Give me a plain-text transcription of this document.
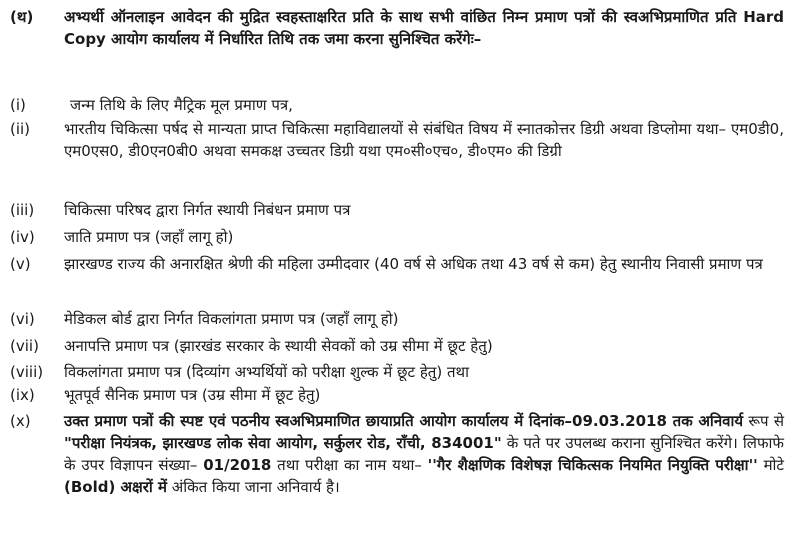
(थ) अभ्यर्थी ऑनलाइन आवेदन की मुद्रित स्वहस्ताक्षरित प्रति के साथ सभी वांछित निम्न प्रमाण पत्रों की स्वअभिप्रमाणित प्रति Hard Copy आयोग कार्यालय में निर्धारित तिथि तक जमा करना सुनिश्चित करेंगेः–
(i)	जन्म तिथि के लिए मैट्रिक मूल प्रमाण पत्र,
(ii) भारतीय चिकित्सा पर्षद से मान्यता प्राप्त चिकित्सा महाविद्यालयों से संबंधित विषय में स्नातकोत्तर डिग्री अथवा डिप्लोमा यथा– एम0डी0, एम0एस0, डी0एन0बी0 अथवा समकक्ष उच्चतर डिग्री यथा एम०सी०एच०, डी०एम० की डिग्री
(iii) चिकित्सा परिषद द्वारा निर्गत स्थायी निबंधन प्रमाण पत्र
(iv) जाति प्रमाण पत्र (जहाँ लागू हो)
(v) झारखण्ड राज्य की अनारक्षित श्रेणी की महिला उम्मीदवार (40 वर्ष से अधिक तथा 43 वर्ष से कम) हेतु स्थानीय निवासी प्रमाण पत्र
(vi) मेडिकल बोर्ड द्वारा निर्गत विकलांगता प्रमाण पत्र (जहाँ लागू हो)
(vii) अनापत्ति प्रमाण पत्र (झारखंड सरकार के स्थायी सेवकों को उम्र सीमा में छूट हेतु)
(viii) विकलांगता प्रमाण पत्र (दिव्यांग अभ्यर्थियों को परीक्षा शुल्क में छूट हेतु) तथा
(ix) भूतपूर्व सैनिक प्रमाण पत्र (उम्र सीमा में छूट हेतु)
(x) उक्त प्रमाण पत्रों की स्पष्ट एवं पठनीय स्वअभिप्रमाणित छायाप्रति आयोग कार्यालय में दिनांक–09.03.2018 तक अनिवार्य रूप से "परीक्षा नियंत्रक, झारखण्ड लोक सेवा आयोग, सर्कुलर रोड, राँची, 834001" के पते पर उपलब्ध कराना सुनिश्चित करेंगे। लिफाफे के उपर विज्ञापन संख्या– 01/2018 तथा परीक्षा का नाम यथा– ''गैर शैक्षणिक विशेषज्ञ चिकित्सक नियमित नियुक्ति परीक्षा'' मोटे (Bold) अक्षरों में अंकित किया जाना अनिवार्य है।
